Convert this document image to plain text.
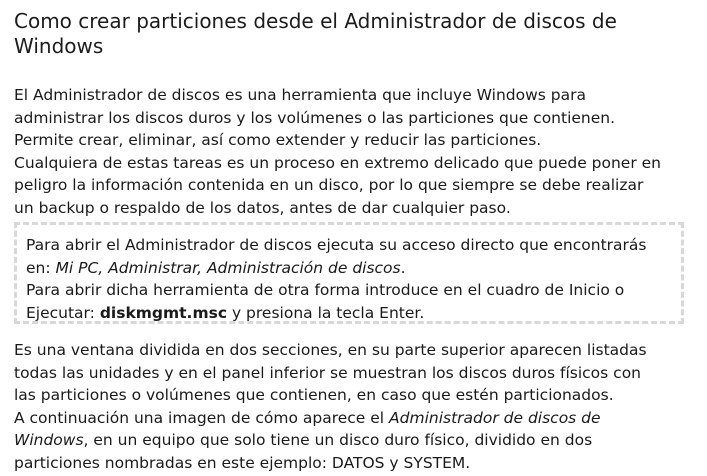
Como crear particiones desde el Administrador de discos de Windows

El Administrador de discos es una herramienta que incluye Windows para
administrar los discos duros y los volúmenes o las particiones que contienen.
Permite crear, eliminar, así como extender y reducir las particiones.
Cualquiera de estas tareas es un proceso en extremo delicado que puede poner en
peligro la información contenida en un disco, por lo que siempre se debe realizar
un backup o respaldo de los datos, antes de dar cualquier paso.

Para abrir el Administrador de discos ejecuta su acceso directo que encontrarás
en: Mi PC, Administrar, Administración de discos.
Para abrir dicha herramienta de otra forma introduce en el cuadro de Inicio o
Ejecutar: diskmgmt.msc y presiona la tecla Enter.

Es una ventana dividida en dos secciones, en su parte superior aparecen listadas
todas las unidades y en el panel inferior se muestran los discos duros físicos con
las particiones o volúmenes que contienen, en caso que estén particionados.
A continuación una imagen de cómo aparece el Administrador de discos de
Windows, en un equipo que solo tiene un disco duro físico, dividido en dos
particiones nombradas en este ejemplo: DATOS y SYSTEM.
